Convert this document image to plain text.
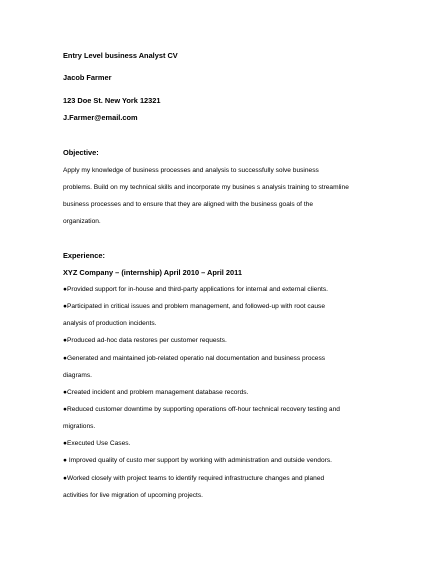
Entry Level business Analyst CV

Jacob Farmer

123 Doe St. New York 12321

J.Farmer@email.com

Objective:

Apply my knowledge of business processes and analysis to successfully solve business

problems. Build on my technical skills and incorporate my busines s analysis training to streamline

business processes and to ensure that they are aligned with the business goals of the

organization.

Experience:

XYZ Company – (internship) April 2010 – April 2011

●Provided support for in-house and third-party applications for internal and external clients.

●Participated in critical issues and problem management, and followed-up with root cause

analysis of production incidents.

●Produced ad-hoc data restores per customer requests.

●Generated and maintained job-related operatio nal documentation and business process

diagrams.

●Created incident and problem management database records.

●Reduced customer downtime by supporting operations off-hour technical recovery testing and

migrations.

●Executed Use Cases.

● Improved quality of custo mer support by working with administration and outside vendors.

●Worked closely with project teams to identify required infrastructure changes and planed

activities for live migration of upcoming projects.
